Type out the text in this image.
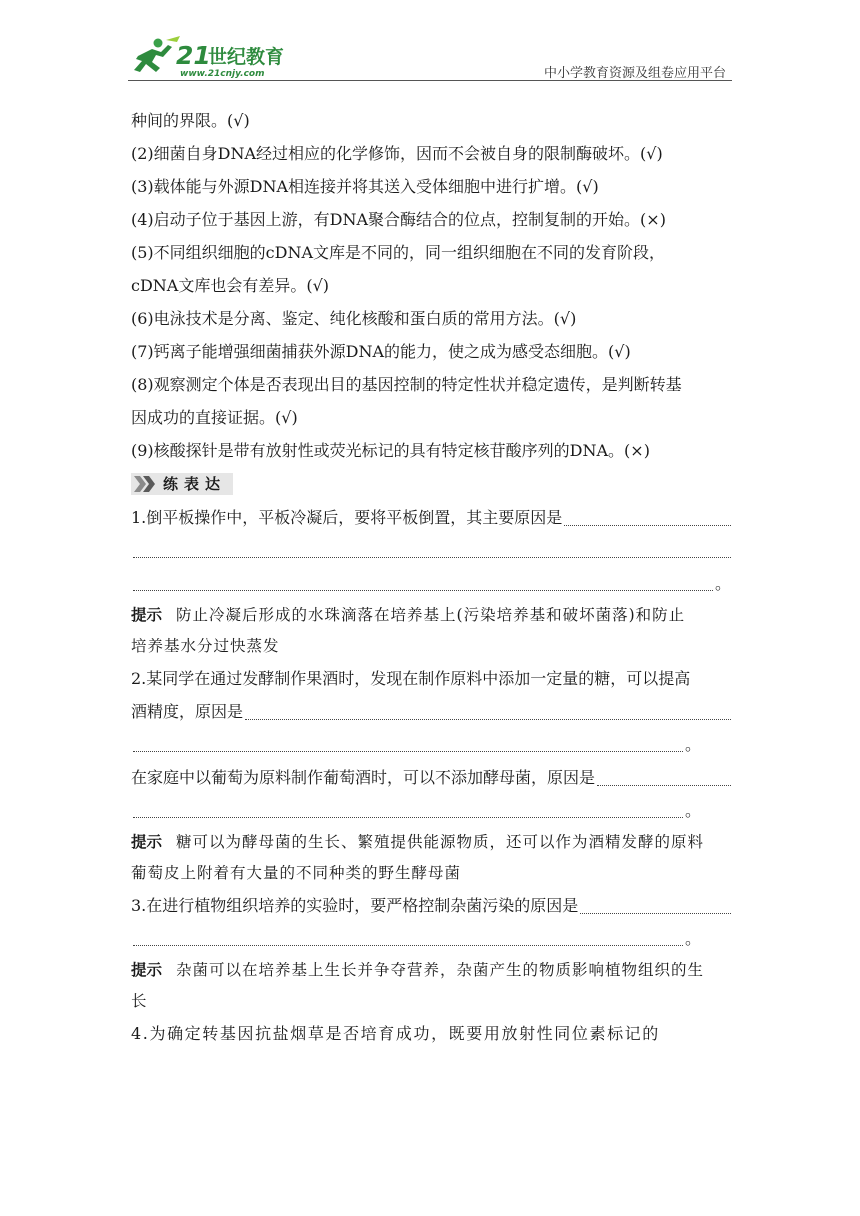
21
世纪教育
www.21cnjy.com	中小学教育资源及组卷应用平台
种间的界限。(√)
(2)细菌自身DNA经过相应的化学修饰，因而不会被自身的限制酶破坏。(√)
(3)载体能与外源DNA相连接并将其送入受体细胞中进行扩增。(√)
(4)启动子位于基因上游，有DNA聚合酶结合的位点，控制复制的开始。(×)
(5)不同组织细胞的cDNA文库是不同的，同一组织细胞在不同的发育阶段，
cDNA文库也会有差异。(√)
(6)电泳技术是分离、鉴定、纯化核酸和蛋白质的常用方法。(√)
(7)钙离子能增强细菌捕获外源DNA的能力，使之成为感受态细胞。(√)
(8)观察测定个体是否表现出目的基因控制的特定性状并稳定遗传，是判断转基
因成功的直接证据。(√)
(9)核酸探针是带有放射性或荧光标记的具有特定核苷酸序列的DNA。(×)
练表达
1.倒平板操作中，平板冷凝后，要将平板倒置，其主要原因是
。
提示 防止冷凝后形成的水珠滴落在培养基上(污染培养基和破坏菌落)和防止
培养基水分过快蒸发
2.某同学在通过发酵制作果酒时，发现在制作原料中添加一定量的糖，可以提高
酒精度，原因是
。
在家庭中以葡萄为原料制作葡萄酒时，可以不添加酵母菌，原因是
。
提示 糖可以为酵母菌的生长、繁殖提供能源物质，还可以作为酒精发酵的原料
葡萄皮上附着有大量的不同种类的野生酵母菌
3.在进行植物组织培养的实验时，要严格控制杂菌污染的原因是
。
提示 杂菌可以在培养基上生长并争夺营养，杂菌产生的物质影响植物组织的生
长
4.为确定转基因抗盐烟草是否培育成功，既要用放射性同位素标记的
